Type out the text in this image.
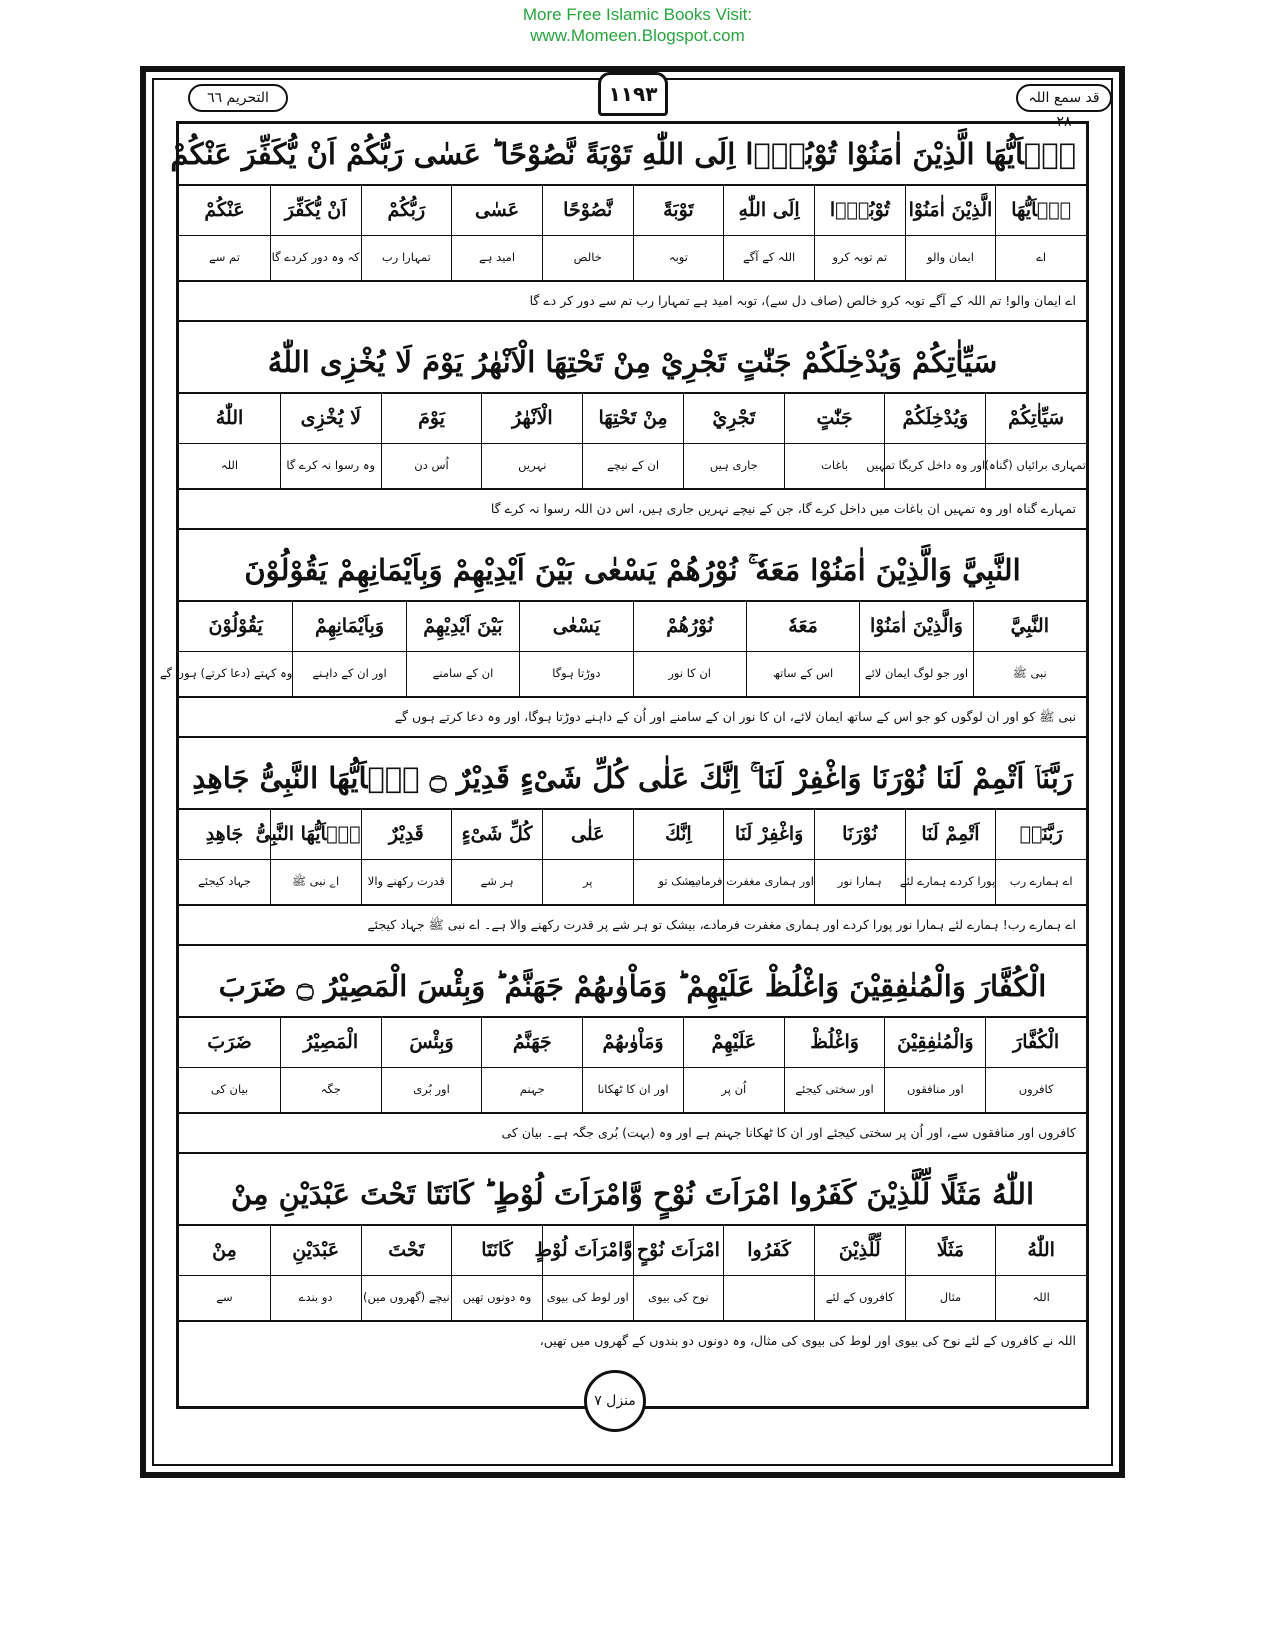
More Free Islamic Books Visit:
www.Momeen.Blogspot.com
التحریم ٦٦	١١٩٣	قد سمع اللہ ٢٨
يٰۤاَيُّهَا الَّذِيْنَ اٰمَنُوْا تُوْبُوْۤا اِلَى اللّٰهِ تَوْبَةً نَّصُوْحًا ؕ عَسٰى رَبُّكُمْ اَنْ يُّكَفِّرَ عَنْكُمْ
يٰۤاَيُّهَا
اے
الَّذِيْنَ اٰمَنُوْا
ایمان والو
تُوْبُوْۤا
تم توبہ کرو
اِلَى اللّٰهِ
اللہ کے آگے
تَوْبَةً
توبہ
نَّصُوْحًا
خالص
عَسٰى
امید ہے
رَبُّكُمْ
تمہارا رب
اَنْ يُّكَفِّرَ
کہ وہ دور کردے گا
عَنْكُمْ
تم سے
اے ایمان والو! تم اللہ کے آگے توبہ کرو خالص (صاف دل سے)، توبہ امید ہے تمہارا رب تم سے دور کر دے گا
سَيِّاٰتِكُمْ وَيُدْخِلَكُمْ جَنّٰتٍ تَجْرِيْ مِنْ تَحْتِهَا الْاَنْهٰرُ يَوْمَ لَا يُخْزِى اللّٰهُ
سَيِّاٰتِكُمْ
تمہاری برائیاں (گناہ)
وَيُدْخِلَكُمْ
اور وہ داخل کریگا تمہیں
جَنّٰتٍ
باغات
تَجْرِيْ
جاری ہیں
مِنْ تَحْتِهَا
ان کے نیچے
الْاَنْهٰرُ
نہریں
يَوْمَ
اُس دن
لَا يُخْزِى
وہ رسوا نہ کرے گا
اللّٰهُ
اللہ
تمہارے گناہ اور وہ تمہیں ان باغات میں داخل کرے گا، جن کے نیچے نہریں جاری ہیں، اس دن اللہ رسوا نہ کرے گا
النَّبِيَّ وَالَّذِيْنَ اٰمَنُوْا مَعَهٗ ۚ نُوْرُهُمْ يَسْعٰى بَيْنَ اَيْدِيْهِمْ وَبِاَيْمَانِهِمْ يَقُوْلُوْنَ
النَّبِيَّ
نبی ﷺ
وَالَّذِيْنَ اٰمَنُوْا
اور جو لوگ ایمان لائے
مَعَهٗ
اس کے ساتھ
نُوْرُهُمْ
ان کا نور
يَسْعٰى
دوڑتا ہوگا
بَيْنَ اَيْدِيْهِمْ
ان کے سامنے
وَبِاَيْمَانِهِمْ
اور ان کے داہنے
يَقُوْلُوْنَ
وہ کہتے (دعا کرتے) ہوں گے
نبی ﷺ کو اور ان لوگوں کو جو اس کے ساتھ ایمان لائے، ان کا نور ان کے سامنے اور اُن کے داہنے دوڑتا ہوگا، اور وہ دعا کرتے ہوں گے
رَبَّنَاۤ اَتْمِمْ لَنَا نُوْرَنَا وَاغْفِرْ لَنَا ۚ اِنَّكَ عَلٰى كُلِّ شَىْءٍ قَدِيْرٌ ۝ يٰۤاَيُّهَا النَّبِىُّ جَاهِدِ
رَبَّنَاۤ
اے ہمارے رب
اَتْمِمْ لَنَا
پورا کردے ہمارے لئے
نُوْرَنَا
ہمارا نور
وَاغْفِرْ لَنَا
اور ہماری مغفرت فرمادے
اِنَّكَ
بیشک تو
عَلٰى
پر
كُلِّ شَىْءٍ
ہر شے
قَدِيْرٌ
قدرت رکھنے والا
يٰۤاَيُّهَا النَّبِىُّ
اے نبی ﷺ
جَاهِدِ
جہاد کیجئے
اے ہمارے رب! ہمارے لئے ہمارا نور پورا کردے اور ہماری مغفرت فرمادے، بیشک تو ہر شے پر قدرت رکھنے والا ہے۔ اے نبی ﷺ جہاد کیجئے
الْكُفَّارَ وَالْمُنٰفِقِيْنَ وَاغْلُظْ عَلَيْهِمْ ؕ وَمَاْوٰىهُمْ جَهَنَّمُ ؕ وَبِئْسَ الْمَصِيْرُ ۝ ضَرَبَ
الْكُفَّارَ
کافروں
وَالْمُنٰفِقِيْنَ
اور منافقوں
وَاغْلُظْ
اور سختی کیجئے
عَلَيْهِمْ
اُن پر
وَمَاْوٰىهُمْ
اور ان کا ٹھکانا
جَهَنَّمُ
جہنم
وَبِئْسَ
اور بُری
الْمَصِيْرُ
جگہ
ضَرَبَ
بیان کی
کافروں اور منافقوں سے، اور اُن پر سختی کیجئے اور ان کا ٹھکانا جہنم ہے اور وہ (بہت) بُری جگہ ہے۔ بیان کی
اللّٰهُ مَثَلًا لِّلَّذِيْنَ كَفَرُوا امْرَاَتَ نُوْحٍ وَّامْرَاَتَ لُوْطٍ ؕ كَانَتَا تَحْتَ عَبْدَيْنِ مِنْ
اللّٰهُ
اللہ
مَثَلًا
مثال
لِّلَّذِيْنَ
کافروں کے لئے
كَفَرُوا
امْرَاَتَ نُوْحٍ
نوح کی بیوی
وَّامْرَاَتَ لُوْطٍ
اور لوط کی بیوی
كَانَتَا
وہ دونوں تھیں
تَحْتَ
نیچے (گھروں میں)
عَبْدَيْنِ
دو بندے
مِنْ
سے
اللہ نے کافروں کے لئے نوح کی بیوی اور لوط کی بیوی کی مثال، وہ دونوں دو بندوں کے گھروں میں تھیں،
منزل ٧
